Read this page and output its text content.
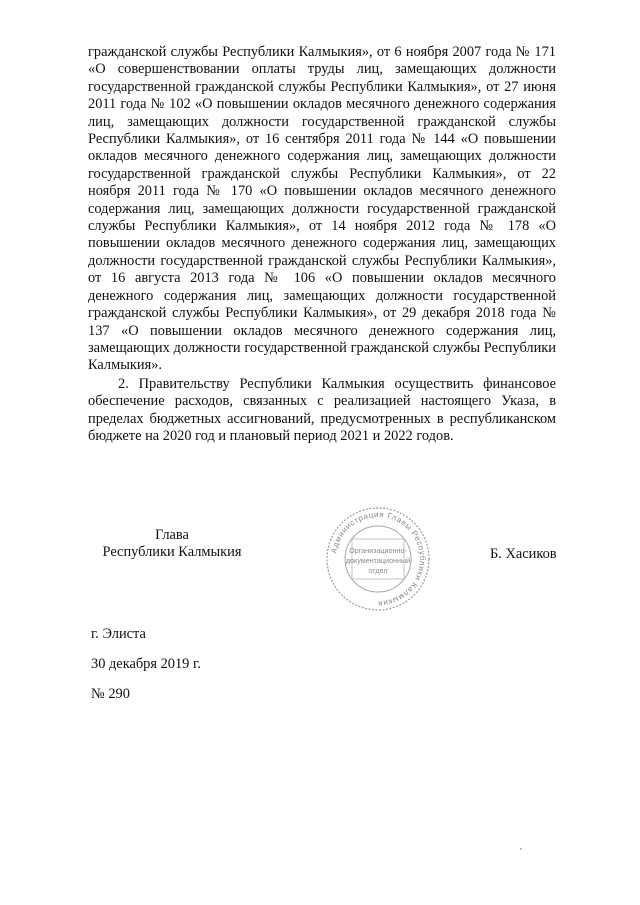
гражданской службы Республики Калмыкия», от 6 ноября 2007 года № 171 «О совершенствовании оплаты труды лиц, замещающих должности государственной гражданской службы Республики Калмыкия», от 27 июня 2011 года № 102 «О повышении окладов месячного денежного содержания лиц, замещающих должности государственной гражданской службы Республики Калмыкия», от 16 сентября 2011 года № 144 «О повышении окладов месячного денежного содержания лиц, замещающих должности государственной гражданской службы Республики Калмыкия», от 22 ноября 2011 года № 170 «О повышении окладов месячного денежного содержания лиц, замещающих должности государственной гражданской службы Республики Калмыкия», от 14 ноября 2012 года № 178 «О повышении окладов месячного денежного содержания лиц, замещающих должности государственной гражданской службы Республики Калмыкия», от 16 августа 2013 года № 106 «О повышении окладов месячного денежного содержания лиц, замещающих должности государственной гражданской службы Республики Калмыкия», от 29 декабря 2018 года № 137 «О повышении окладов месячного денежного содержания лиц, замещающих должности государственной гражданской службы Республики Калмыкия».

2. Правительству Республики Калмыкия осуществить финансовое обеспечение расходов, связанных с реализацией настоящего Указа, в пределах бюджетных ассигнований, предусмотренных в республиканском бюджете на 2020 год и плановый период 2021 и 2022 годов.

Глава
Республики Калмыкия	Администрация Главы Республики Калмыкия
Организационно-
документационный
отдел
Б. Хасиков
г. Элиста
30 декабря 2019 г.
№ 290
